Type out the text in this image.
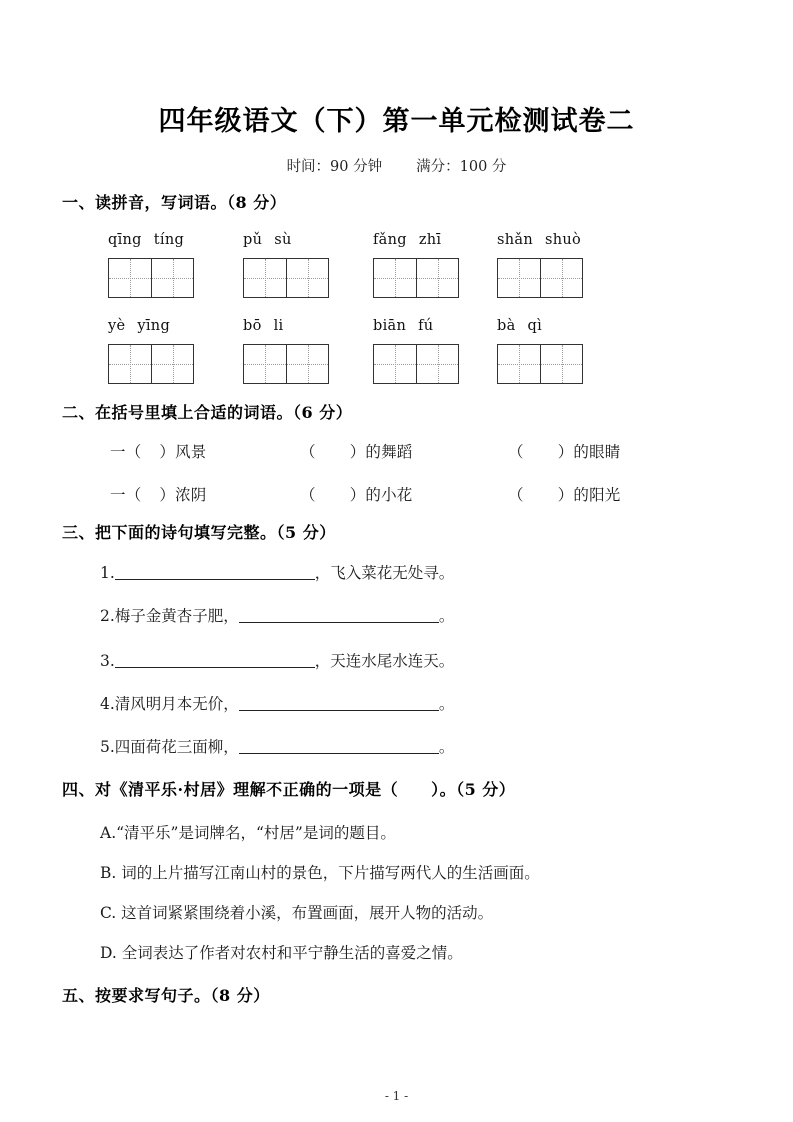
四年级语文（下）第一单元检测试卷二
时间：90 分钟 满分：100 分
一、读拼音，写词语。（8 分）
qīng tíng	pǔ sù	fǎng zhī	shǎn shuò
yè yīng	bō li	biān fú	bà qì
二、在括号里填上合适的词语。（6 分）
一（ ）风景	（ ）的舞蹈	（ ）的眼睛
一（ ）浓阴	（ ）的小花	（ ）的阳光
三、把下面的诗句填写完整。（5 分）
1.	，飞入菜花无处寻。
2.梅子金黄杏子肥，	。
3.	，天连水尾水连天。
4.清风明月本无价，	。
5.四面荷花三面柳，	。
四、对《清平乐·村居》理解不正确的一项是（　　）。（5 分）
A.“清平乐”是词牌名，“村居”是词的题目。
B. 词的上片描写江南山村的景色，下片描写两代人的生活画面。
C. 这首词紧紧围绕着小溪，布置画面，展开人物的活动。
D. 全词表达了作者对农村和平宁静生活的喜爱之情。
五、按要求写句子。（8 分）
- 1 -
